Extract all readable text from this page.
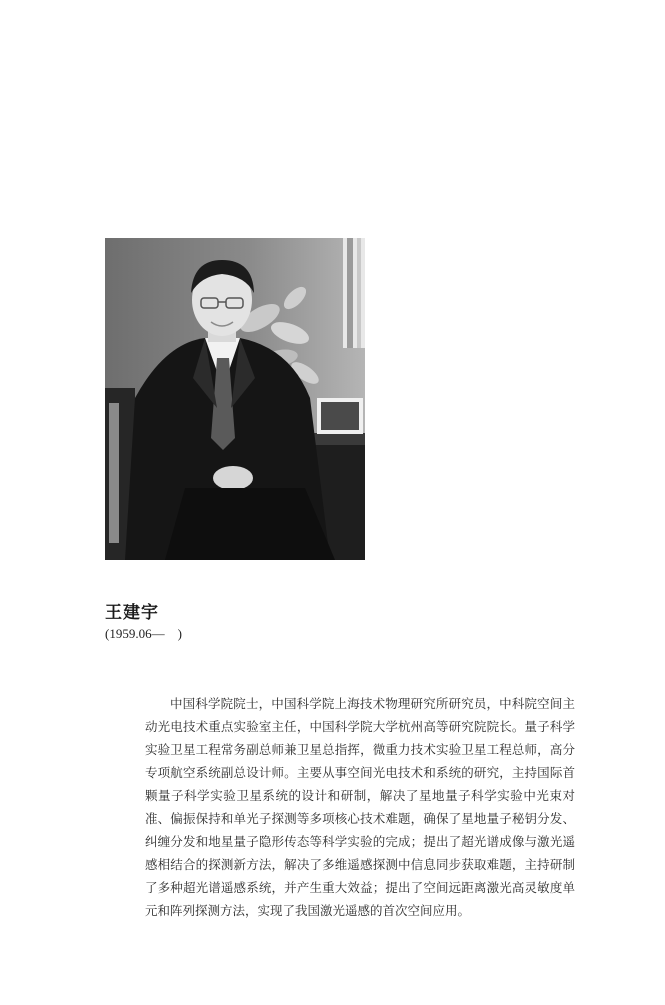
王建宇
(1959.06—　)

中国科学院院士，中国科学院上海技术物理研究所研究员，中科院空间主动光电技术重点实验室主任，中国科学院大学杭州高等研究院院长。量子科学实验卫星工程常务副总师兼卫星总指挥，微重力技术实验卫星工程总师，高分专项航空系统副总设计师。主要从事空间光电技术和系统的研究，主持国际首颗量子科学实验卫星系统的设计和研制，解决了星地量子科学实验中光束对准、偏振保持和单光子探测等多项核心技术难题，确保了星地量子秘钥分发、纠缠分发和地星量子隐形传态等科学实验的完成；提出了超光谱成像与激光遥感相结合的探测新方法，解决了多维遥感探测中信息同步获取难题，主持研制了多种超光谱遥感系统，并产生重大效益；提出了空间远距离激光高灵敏度单元和阵列探测方法，实现了我国激光遥感的首次空间应用。
